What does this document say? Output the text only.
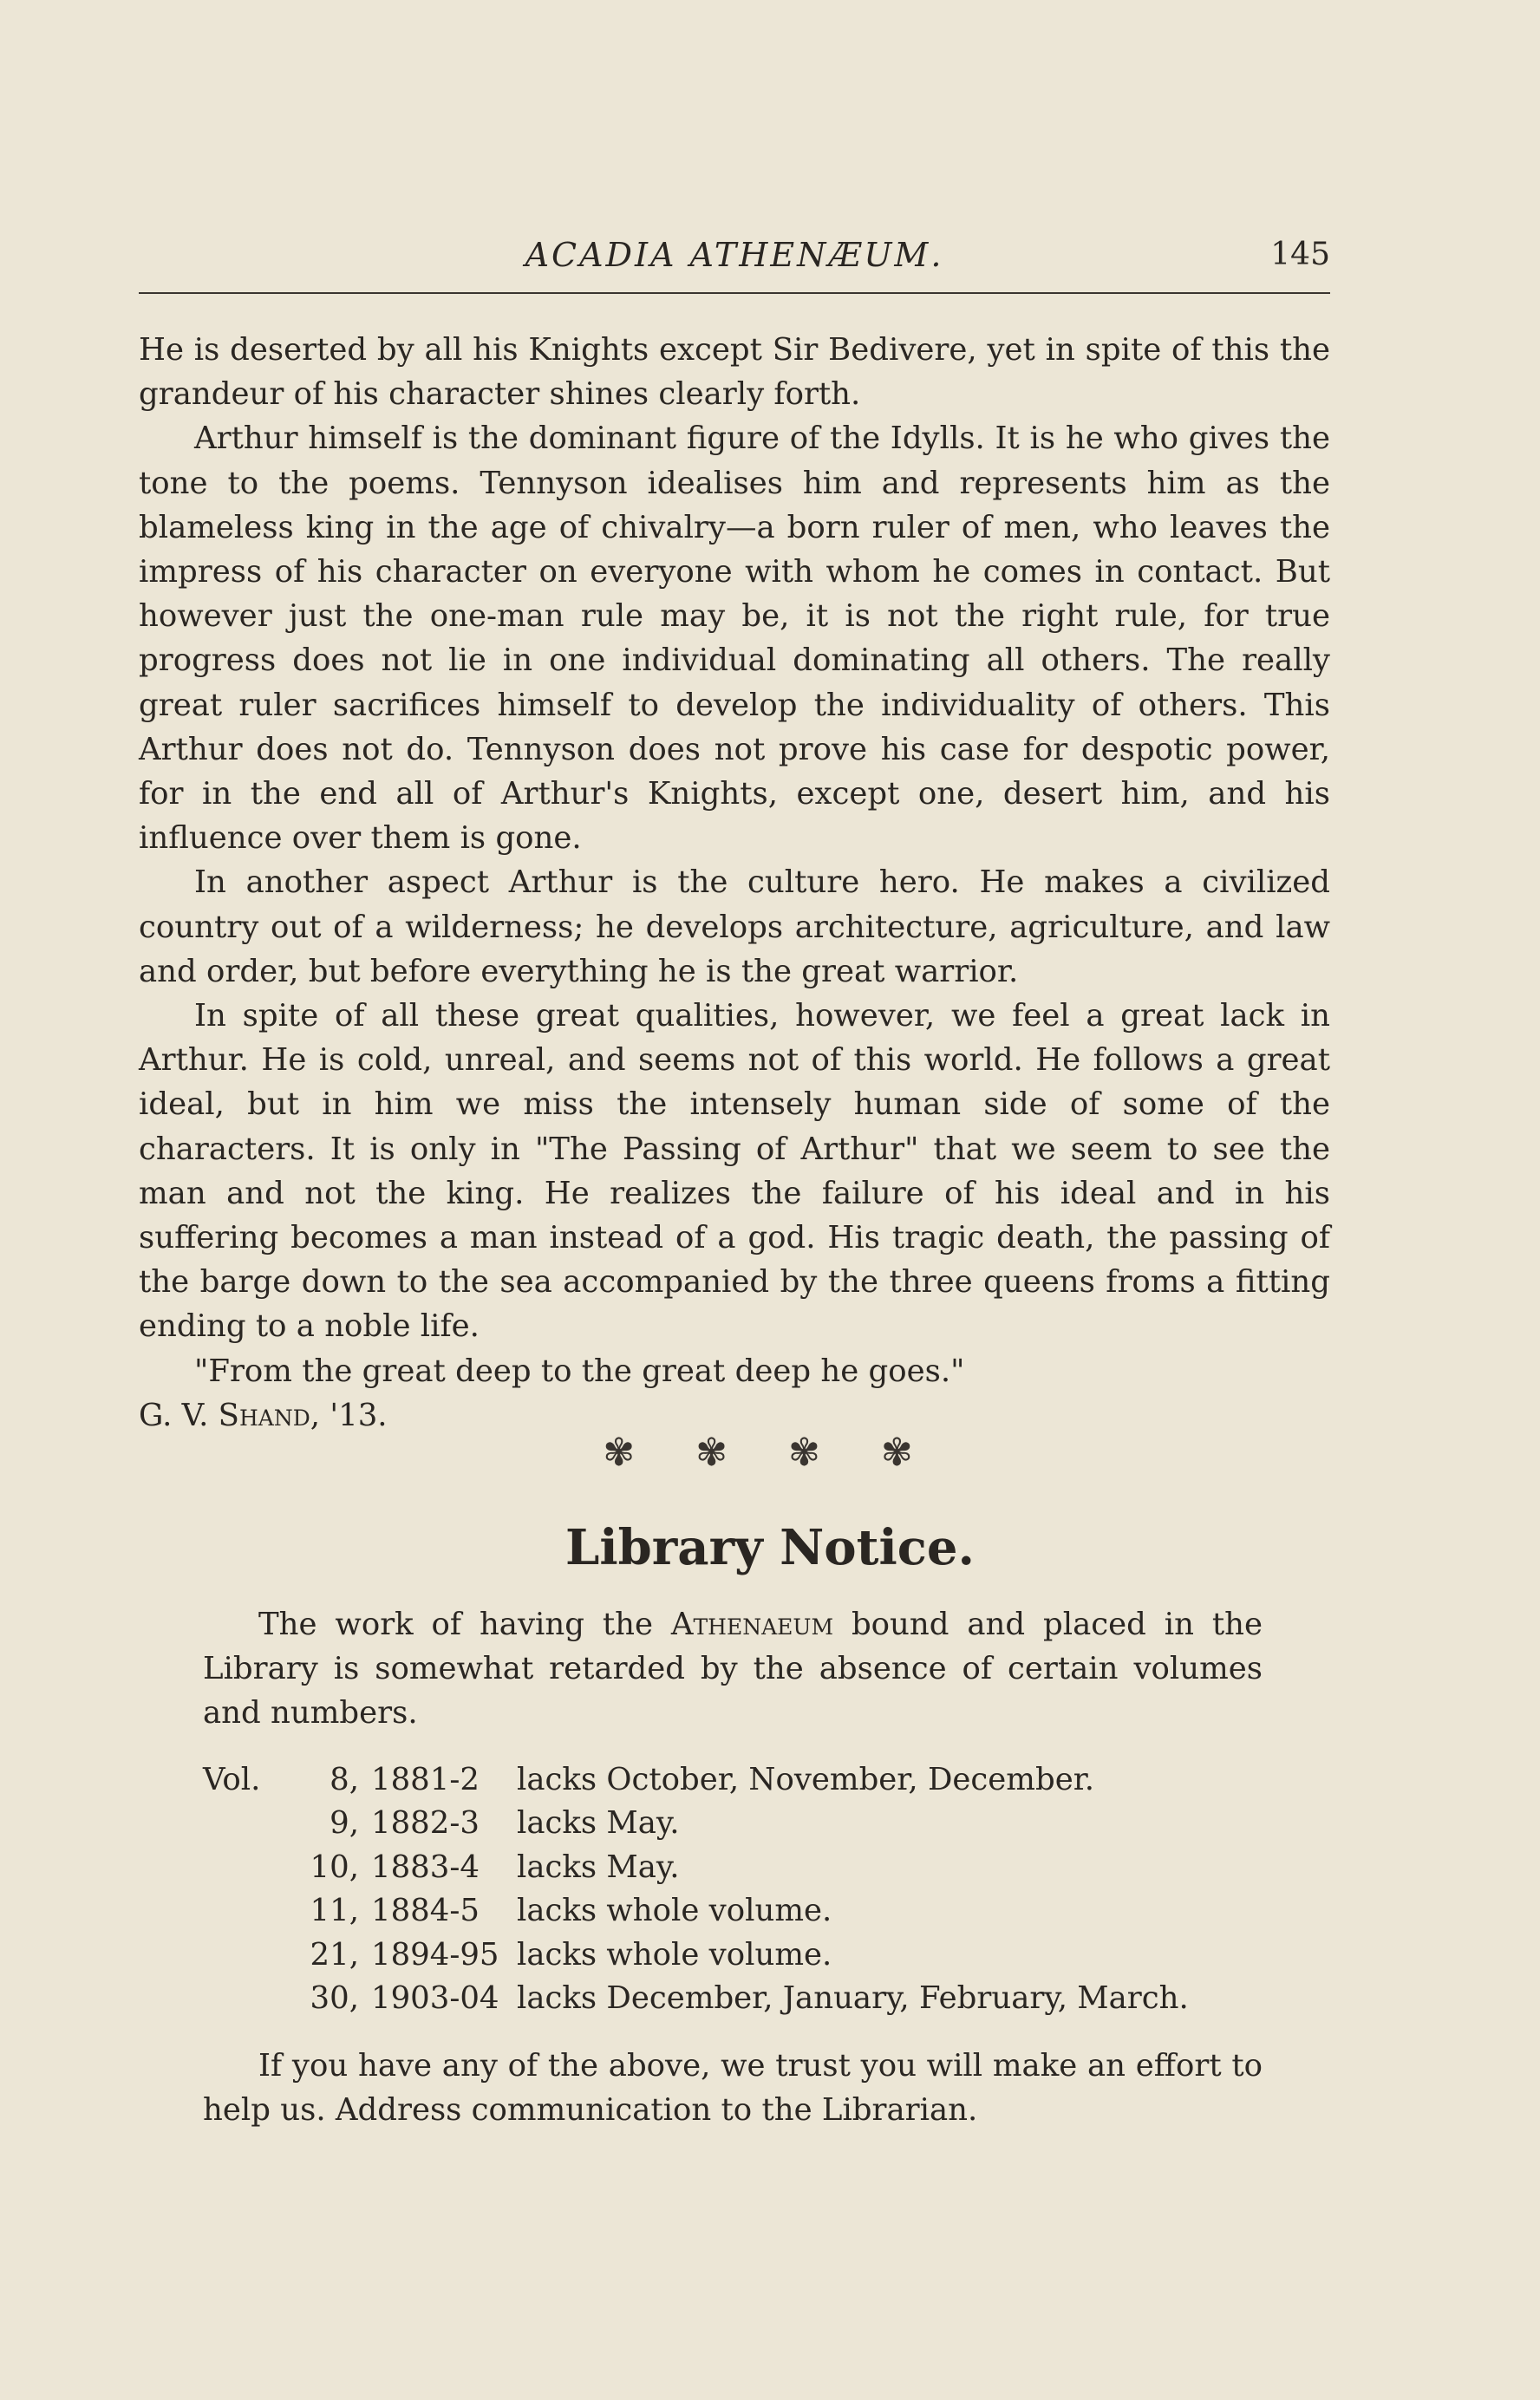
ACADIA ATHENÆUM.	145

He is deserted by all his Knights except Sir Bedivere, yet in spite of this the grandeur of his character shines clearly forth.

Arthur himself is the dominant figure of the Idylls. It is he who gives the tone to the poems. Tennyson idealises him and represents him as the blameless king in the age of chivalry—a born ruler of men, who leaves the impress of his character on everyone with whom he comes in contact. But however just the one-man rule may be, it is not the right rule, for true progress does not lie in one individual dominating all others. The really great ruler sacrifices himself to develop the individuality of others. This Arthur does not do. Tennyson does not prove his case for despotic power, for in the end all of Arthur's Knights, except one, desert him, and his influence over them is gone.

In another aspect Arthur is the culture hero. He makes a civilized country out of a wilderness; he develops architecture, agriculture, and law and order, but before everything he is the great warrior.

In spite of all these great qualities, however, we feel a great lack in Arthur. He is cold, unreal, and seems not of this world. He follows a great ideal, but in him we miss the intensely human side of some of the characters. It is only in "The Passing of Arthur" that we seem to see the man and not the king. He realizes the failure of his ideal and in his suffering becomes a man instead of a god. His tragic death, the passing of the barge down to the sea accompanied by the three queens froms a fitting ending to a noble life.

"From the great deep to the great deep he goes."

G. V. Shand, '13.

✾ ✾ ✾ ✾
Library Notice.

The work of having the Athenaeum bound and placed in the Library is somewhat retarded by the absence of certain volumes and numbers.

Vol. 8, 1881-2 lacks October, November, December.
9, 1882-3 lacks May.
10, 1883-4 lacks May.
11, 1884-5 lacks whole volume.
21, 1894-95 lacks whole volume.
30, 1903-04 lacks December, January, February, March.

If you have any of the above, we trust you will make an effort to help us. Address communication to the Librarian.
